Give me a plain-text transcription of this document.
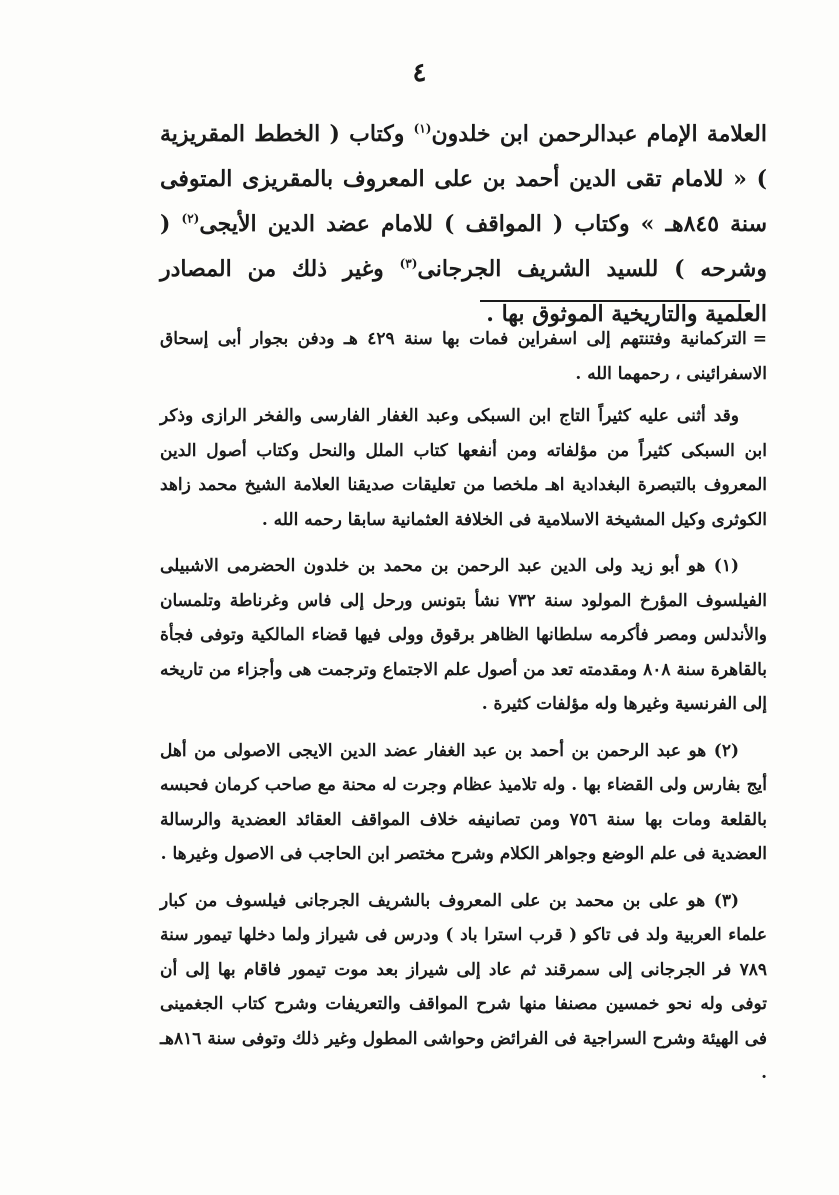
٤

العلامة الإمام عبدالرحمن ابن خلدون$^{(١)}$ وكتاب ( الخطط المقريزية ) « للامام تقى الدين أحمد بن على المعروف بالمقريزى المتوفى سنة ٨٤٥هـ » وكتاب ( المواقف ) للامام عضد الدين الأيجى$^{(٢)}$ ( وشرحه ) للسيد الشريف الجرجانى$^{(٣)}$ وغير ذلك من المصادر العلمية والتاريخية الموثوق بها .

=التركمانية وفتنتهم إلى اسفراين فمات بها سنة ٤٢٩ هـ ودفن بجوار أبى إسحاق الاسفرائينى ، رحمهما الله .

وقد أثنى عليه كثيراً التاج ابن السبكى وعبد الغفار الفارسى والفخر الرازى وذكر ابن السبكى كثيراً من مؤلفاته ومن أنفعها كتاب الملل والنحل وكتاب أصول الدين المعروف بالتبصرة البغدادية اهـ ملخصا من تعليقات صديقنا العلامة الشيخ محمد زاهد الكوثرى وكيل المشيخة الاسلامية فى الخلافة العثمانية سابقا رحمه الله .

(١) هو أبو زيد ولى الدين عبد الرحمن بن محمد بن خلدون الحضرمى الاشبيلى الفيلسوف المؤرخ المولود سنة ٧٣٢ نشأ بتونس ورحل إلى فاس وغرناطة وتلمسان والأندلس ومصر فأكرمه سلطانها الظاهر برقوق وولى فيها قضاء المالكية وتوفى فجأة بالقاهرة سنة ٨٠٨ ومقدمته تعد من أصول علم الاجتماع وترجمت هى وأجزاء من تاريخه إلى الفرنسية وغيرها وله مؤلفات كثيرة .

(٢) هو عبد الرحمن بن أحمد بن عبد الغفار عضد الدين الايجى الاصولى من أهل أيج بفارس ولى القضاء بها . وله تلاميذ عظام وجرت له محنة مع صاحب كرمان فحبسه بالقلعة ومات بها سنة ٧٥٦ ومن تصانيفه خلاف المواقف العقائد العضدية والرسالة العضدية فى علم الوضع وجواهر الكلام وشرح مختصر ابن الحاجب فى الاصول وغيرها .

(٣) هو على بن محمد بن على المعروف بالشريف الجرجانى فيلسوف من كبار علماء العربية ولد فى تاكو ( قرب استرا باد ) ودرس فى شيراز ولما دخلها تيمور سنة ٧٨٩ فر الجرجانى إلى سمرقند ثم عاد إلى شيراز بعد موت تيمور فاقام بها إلى أن توفى وله نحو خمسين مصنفا منها شرح المواقف والتعريفات وشرح كتاب الجغمينى فى الهيئة وشرح السراجية فى الفرائض وحواشى المطول وغير ذلك وتوفى سنة ٨١٦هـ .
